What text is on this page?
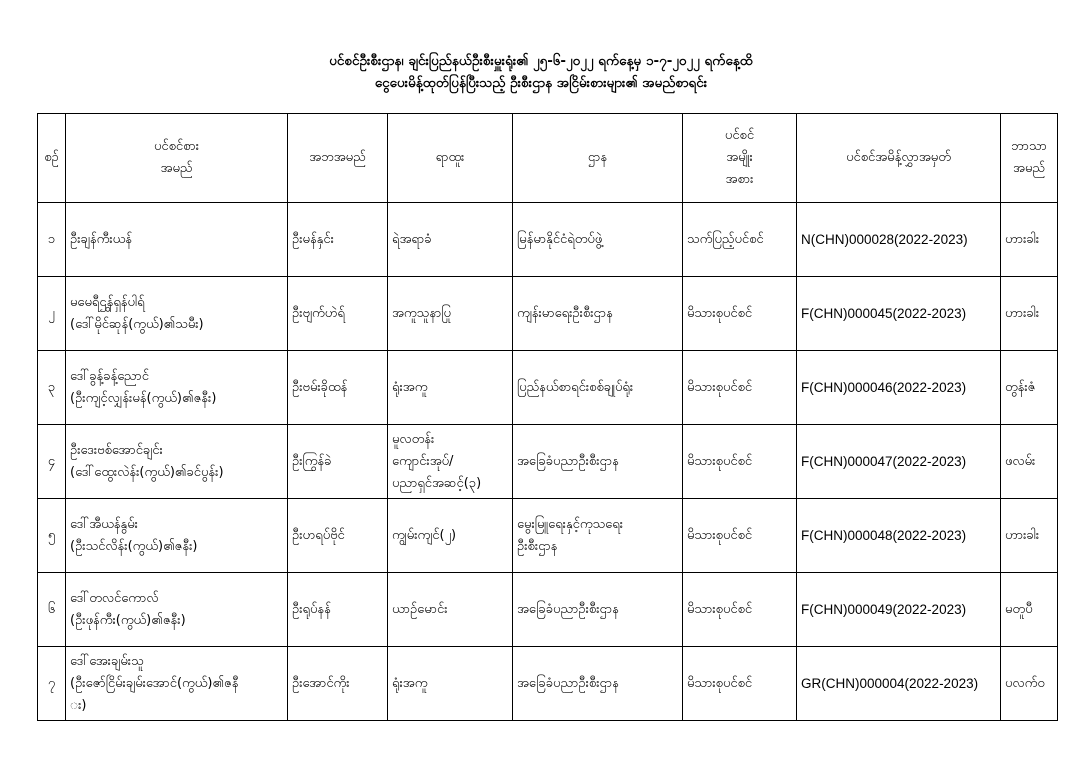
ပင်စင်ဦးစီးဌာန၊ ချင်းပြည်နယ်ဦးစီးမှူးရုံး၏ ၂၅-၆-၂၀၂၂ ရက်နေ့မှ ၁-၇-၂၀၂၂ ရက်နေ့ထိ
ငွေပေးမိန့်ထုတ်ပြန်ပြီးသည့် ဦးစီးဌာန အငြိမ်းစားများ၏ အမည်စာရင်း
စဉ်	ပင်စင်စား
အမည်	အဘအမည်	ရာထူး	ဌာန	ပင်စင်
အမျိုး
အစား	ပင်စင်အမိန့်လွှာအမှတ်	ဘာသာ
အမည်

၁	ဦးချန်ကီးယန်	ဦးမန်နှင်း	ရဲအရာခံ	မြန်မာနိုင်ငံရဲတပ်ဖွဲ့	သက်ပြည့်ပင်စင်	N(CHN)000028(2022-2023)	ဟားခါး
၂	မမေရီဌွန်ရှန်ပါရ်
(ဒေါ်မိုင်ဆုန်(ကွယ်)၏သမီး)	ဦးဗျက်ဟဲရ်	အကူသူနာပြု	ကျန်းမာရေးဦးစီးဌာန	မိသားစုပင်စင်	F(CHN)000045(2022-2023)	ဟားခါး
၃	ဒေါ်ခွန့်ခန့်ညောင်
(ဦးကျင့်လျှန်းမန်(ကွယ်)၏ဇနီး)	ဦးဗမ်းခိုထန်	ရုံးအကူ	ပြည်နယ်စာရင်းစစ်ချုပ်ရုံး	မိသားစုပင်စင်	F(CHN)000046(2022-2023)	တွန်းဇံ
၄	ဦးဒေးဗစ်အောင်ချင်း
(ဒေါ်ထွေးလဲန်း(ကွယ်)၏ခင်ပွန်း)	ဦးကြွန်ခဲ	မူလတန်း
ကျောင်းအုပ်/
ပညာရှင်အဆင့်(၃)	အခြေခံပညာဦးစီးဌာန	မိသားစုပင်စင်	F(CHN)000047(2022-2023)	ဖလမ်း
၅	ဒေါ်အီယန်နွမ်း
(ဦးသင်လိန်း(ကွယ်)၏ဇနီး)	ဦးဟရပ်ဗိုင်	ကျွမ်းကျင်(၂)	မွေးမြူရေးနှင့်ကုသရေး
ဦးစီးဌာန	မိသားစုပင်စင်	F(CHN)000048(2022-2023)	ဟားခါး
၆	ဒေါ်တလင်ကောလ်
(ဦးဖုန်ကီး(ကွယ်)၏ဇနီး)	ဦးရုပ်နန်	ယာဉ်မောင်း	အခြေခံပညာဦးစီးဌာန	မိသားစုပင်စင်	F(CHN)000049(2022-2023)	မတူပီ
၇	ဒေါ်အေးချမ်းသူ
(ဦးဇော်ငြိမ်းချမ်းအောင်(ကွယ်)၏ဇနီ
း)	ဦးအောင်ကိုး	ရုံးအကူ	အခြေခံပညာဦးစီးဌာန	မိသားစုပင်စင်	GR(CHN)000004(2022-2023)	ပလက်ဝ
